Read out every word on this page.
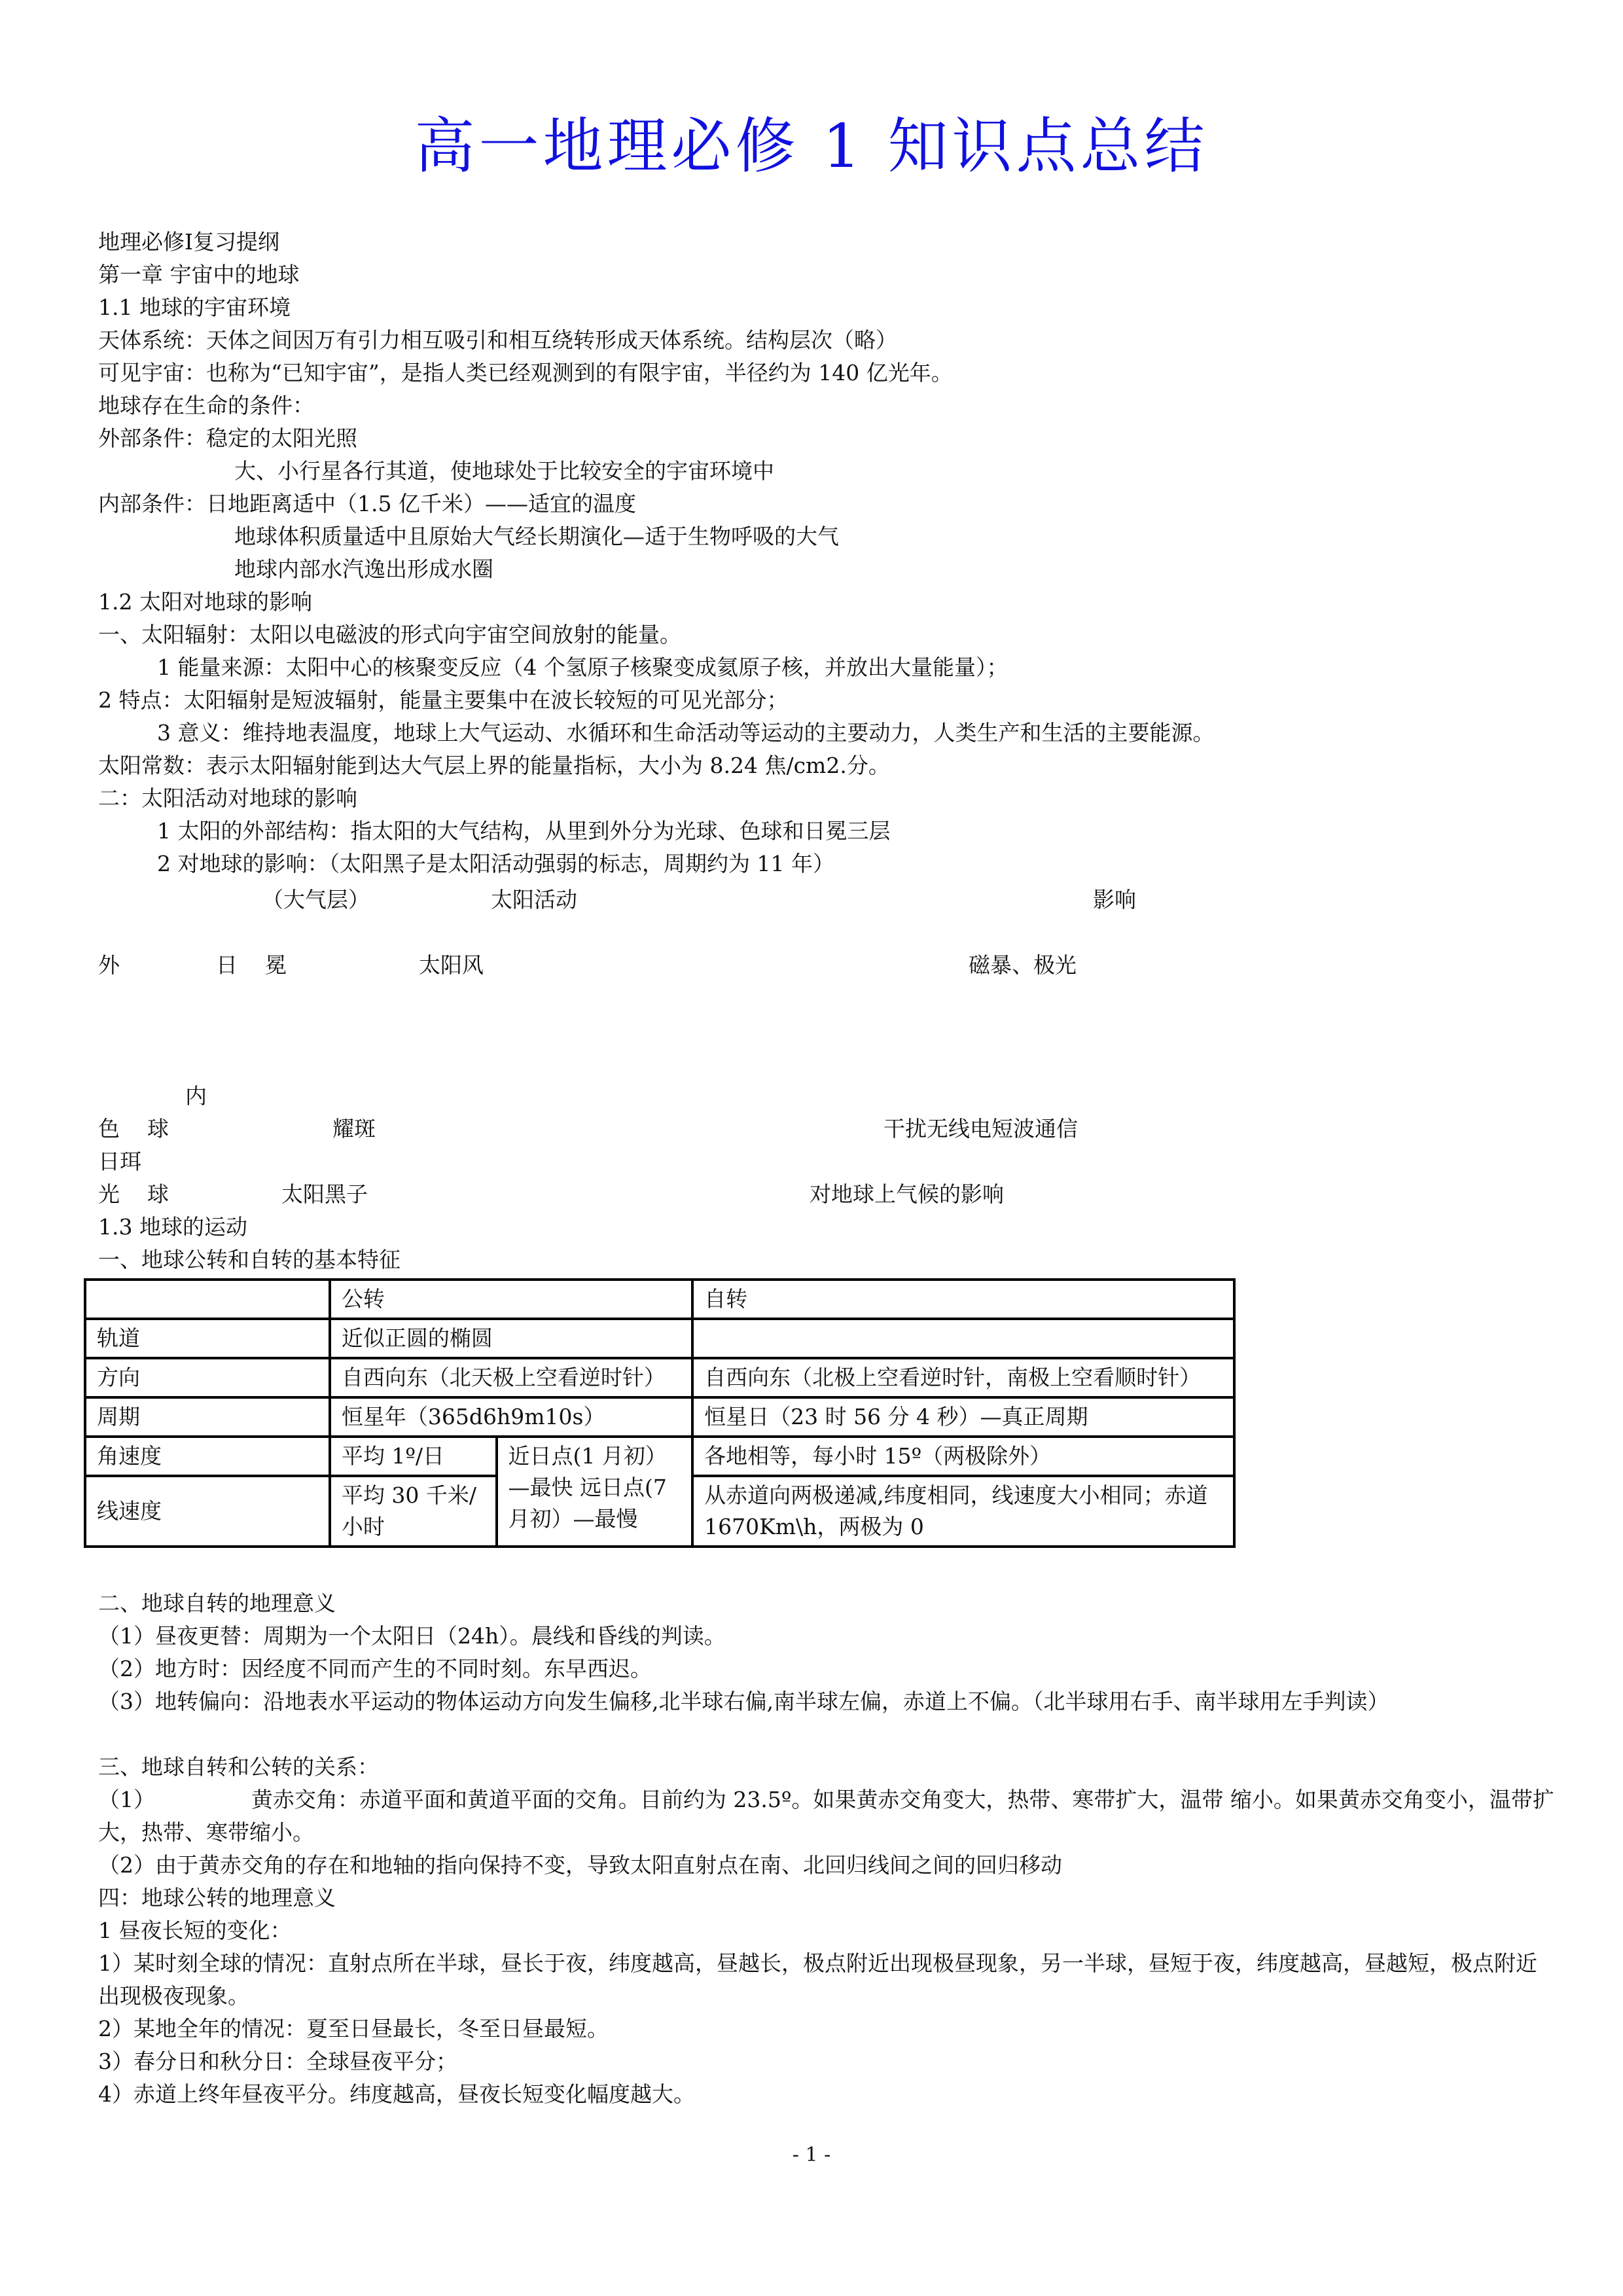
高一地理必修 1 知识点总结
地理必修Ⅰ复习提纲
第一章 宇宙中的地球
1.1 地球的宇宙环境
天体系统：天体之间因万有引力相互吸引和相互绕转形成天体系统。结构层次（略）
可见宇宙：也称为“已知宇宙”，是指人类已经观测到的有限宇宙，半径约为 140 亿光年。
地球存在生命的条件：
外部条件：稳定的太阳光照
大、小行星各行其道，使地球处于比较安全的宇宙环境中
内部条件：日地距离适中（1.5 亿千米）——适宜的温度
地球体积质量适中且原始大气经长期演化—适于生物呼吸的大气
地球内部水汽逸出形成水圈
1.2 太阳对地球的影响
一、太阳辐射：太阳以电磁波的形式向宇宙空间放射的能量。
1 能量来源：太阳中心的核聚变反应（4 个氢原子核聚变成氦原子核，并放出大量能量）；
2 特点：太阳辐射是短波辐射，能量主要集中在波长较短的可见光部分；
3 意义：维持地表温度，地球上大气运动、水循环和生命活动等运动的主要动力，人类生产和生活的主要能源。
太阳常数：表示太阳辐射能到达大气层上界的能量指标，大小为 8.24 焦/cm2.分。
二：太阳活动对地球的影响
1 太阳的外部结构：指太阳的大气结构，从里到外分为光球、色球和日冕三层
2 对地球的影响：（太阳黑子是太阳活动强弱的标志，周期约为 11 年）
（大气层）	太阳活动	影响
外	日    冕	太阳风	磁暴、极光
内
色    球	耀斑	干扰无线电短波通信
日珥
光    球	太阳黑子	对地球上气候的影响
1.3 地球的运动
一、地球公转和自转的基本特征
	公转		自转
轨道	近似正圆的椭圆		
方向	自西向东（北天极上空看逆时针）		自西向东（北极上空看逆时针，南极上空看顺时针）
周期	恒星年（365d6h9m10s）		恒星日（23 时 56 分 4 秒）—真正周期
角速度	平均 1º/日	近日点(1 月初）—最快 远日点(7 月初）—最慢	各地相等，每小时 15º（两极除外）
线速度	平均 30 千米/小时		从赤道向两极递减,纬度相同，线速度大小相同；赤道 1670Km\h，两极为 0
二、地球自转的地理意义
（1）昼夜更替：周期为一个太阳日（24h）。晨线和昏线的判读。
（2）地方时：因经度不同而产生的不同时刻。东早西迟。
（3）地转偏向：沿地表水平运动的物体运动方向发生偏移,北半球右偏,南半球左偏，赤道上不偏。（北半球用右手、南半球用左手判读）
三、地球自转和公转的关系：
（1）              黄赤交角：赤道平面和黄道平面的交角。目前约为 23.5º。如果黄赤交角变大，热带、寒带扩大，温带 缩小。如果黄赤交角变小，温带扩大，热带、寒带缩小。
（2）由于黄赤交角的存在和地轴的指向保持不变，导致太阳直射点在南、北回归线间之间的回归移动
四：地球公转的地理意义
1 昼夜长短的变化：
1）某时刻全球的情况：直射点所在半球，昼长于夜，纬度越高，昼越长，极点附近出现极昼现象，另一半球，昼短于夜，纬度越高，昼越短，极点附近出现极夜现象。
2）某地全年的情况：夏至日昼最长，冬至日昼最短。
3）春分日和秋分日：全球昼夜平分；
4）赤道上终年昼夜平分。纬度越高，昼夜长短变化幅度越大。
- 1 -
